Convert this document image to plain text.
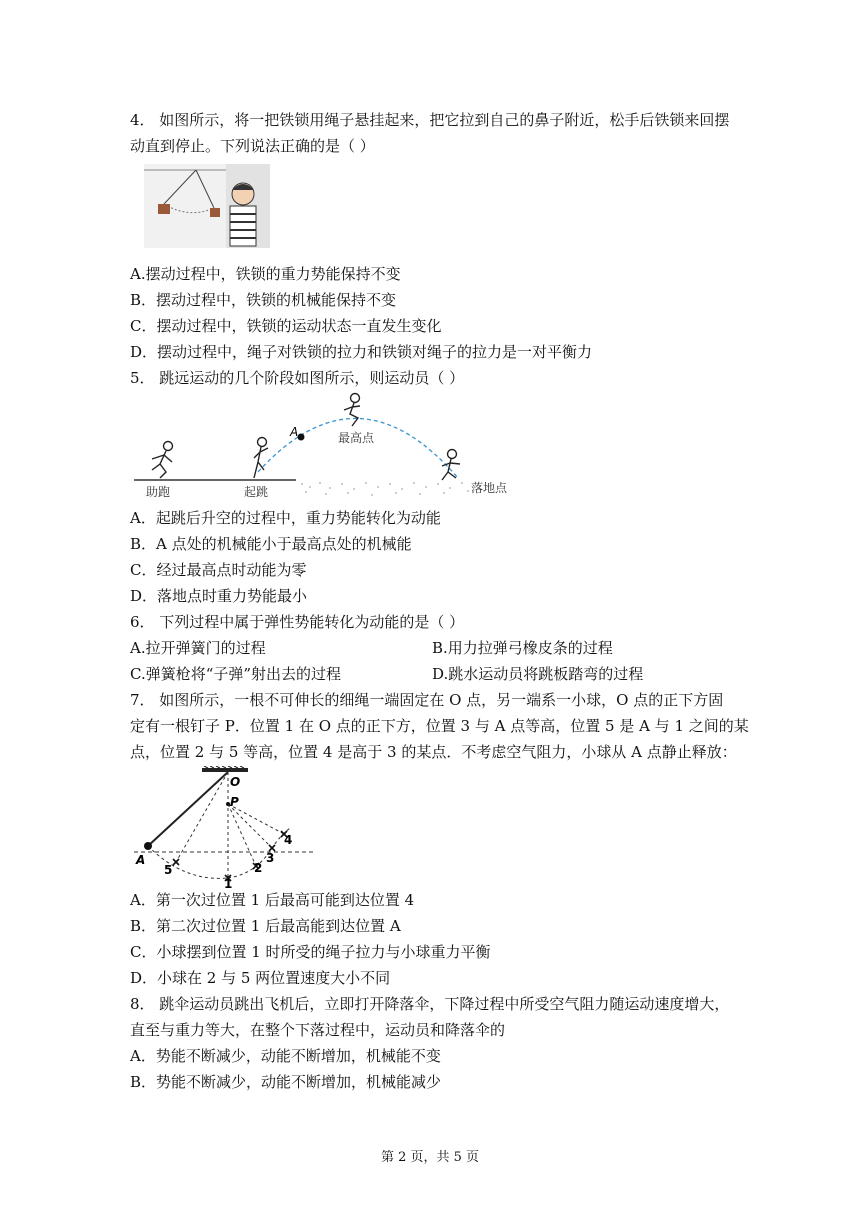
4． 如图所示，将一把铁锁用绳子悬挂起来，把它拉到自己的鼻子附近，松手后铁锁来回摆
动直到停止。下列说法正确的是（ ）
A.摆动过程中，铁锁的重力势能保持不变
B．摆动过程中，铁锁的机械能保持不变
C．摆动过程中，铁锁的运动状态一直发生变化
D．摆动过程中，绳子对铁锁的拉力和铁锁对绳子的拉力是一对平衡力
5． 跳远运动的几个阶段如图所示，则运动员（ ）
A	最高点
助跑	起跳	落地点
A．起跳后升空的过程中，重力势能转化为动能
B．A 点处的机械能小于最高点处的机械能
C．经过最高点时动能为零
D．落地点时重力势能最小
6． 下列过程中属于弹性势能转化为动能的是（ ）
A.拉开弹簧门的过程	B.用力拉弹弓橡皮条的过程
C.弹簧枪将“子弹”射出去的过程	D.跳水运动员将跳板踏弯的过程
7． 如图所示，一根不可伸长的细绳一端固定在 O 点，另一端系一小球，O 点的正下方固
定有一根钉子 P．位置 1 在 O 点的正下方，位置 3 与 A 点等高，位置 5 是 A 与 1 之间的某
点，位置 2 与 5 等高，位置 4 是高于 3 的某点．不考虑空气阻力，小球从 A 点静止释放：
O
P
A
1
2
3
4
5
A．第一次过位置 1 后最高可能到达位置 4
B．第二次过位置 1 后最高能到达位置 A
C．小球摆到位置 1 时所受的绳子拉力与小球重力平衡
D．小球在 2 与 5 两位置速度大小不同
8． 跳伞运动员跳出飞机后，立即打开降落伞，下降过程中所受空气阻力随运动速度增大，
直至与重力等大，在整个下落过程中，运动员和降落伞的
A．势能不断减少，动能不断增加，机械能不变
B．势能不断减少，动能不断增加，机械能减少
第 2 页，共 5 页
